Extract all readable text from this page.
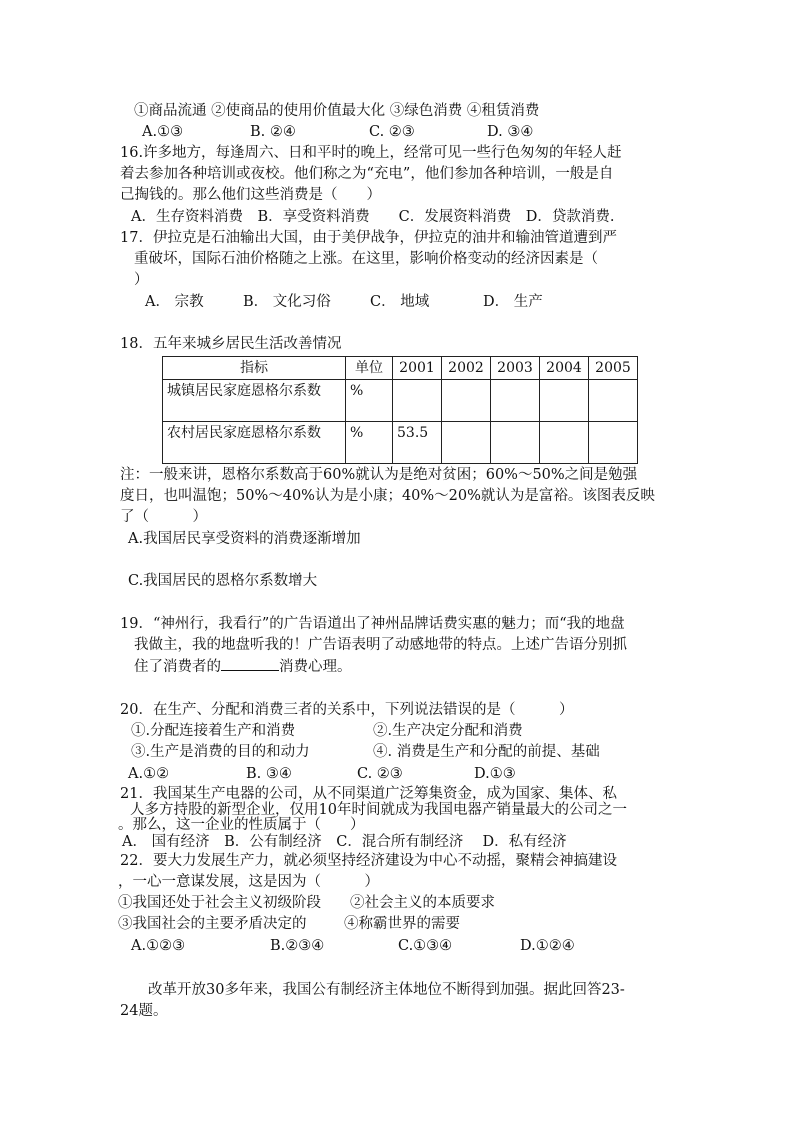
①商品流通 ②使商品的使用价值最大化 ③绿色消费 ④租赁消费
A.①③	B. ②④	C. ②③	D. ③④
16.许多地方，每逢周六、日和平时的晚上，经常可见一些行色匆匆的年轻人赶
着去参加各种培训或夜校。他们称之为“充电”，他们参加各种培训，一般是自
己掏钱的。那么他们这些消费是（　　）
A．生存资料消费　B．享受资料消费　　C．发展资料消费　D．贷款消费.
17．伊拉克是石油输出大国，由于美伊战争，伊拉克的油井和输油管道遭到严
重破坏，国际石油价格随之上涨。在这里，影响价格变动的经济因素是（
）
A． 宗教	B． 文化习俗	C． 地域	D． 生产
18．五年来城乡居民生活改善情况
指标	单位	2001	2002	2003	2004	2005
城镇居民家庭恩格尔系数	%					
农村居民家庭恩格尔系数	%	53.5				
注：一般来讲，恩格尔系数高于60%就认为是绝对贫困；60%～50%之间是勉强
度日，也叫温饱；50%～40%认为是小康；40%～20%就认为是富裕。该图表反映
了（　　　）
A.我国居民享受资料的消费逐渐增加
C.我国居民的恩格尔系数增大
19．“神州行，我看行”的广告语道出了神州品牌话费实惠的魅力；而“我的地盘
我做主，我的地盘听我的！广告语表明了动感地带的特点。上述广告语分别抓
住了消费者的	消费心理。
20．在生产、分配和消费三者的关系中，下列说法错误的是（　　　）
①.分配连接着生产和消费	②.生产决定分配和消费
③.生产是消费的目的和动力	④. 消费是生产和分配的前提、基础
A.①②	B. ③④	C. ②③	D.①③
21．我国某生产电器的公司，从不同渠道广泛筹集资金，成为国家、集体、私
人多方持股的新型企业，仅用10年时间就成为我国电器产销量最大的公司之一
。那么，这一企业的性质属于（　　）
A． 国有经济　B．公有制经济　C．混合所有制经济　 D．私有经济
22．要大力发展生产力，就必须坚持经济建设为中心不动摇，聚精会神搞建设
，一心一意谋发展，这是因为（　　　）
①我国还处于社会主义初级阶段 ②社会主义的本质要求
③我国社会的主要矛盾决定的	④称霸世界的需要
A.①②③	B.②③④	C.①③④	D.①②④
改革开放30多年来，我国公有制经济主体地位不断得到加强。据此回答23-
24题。
